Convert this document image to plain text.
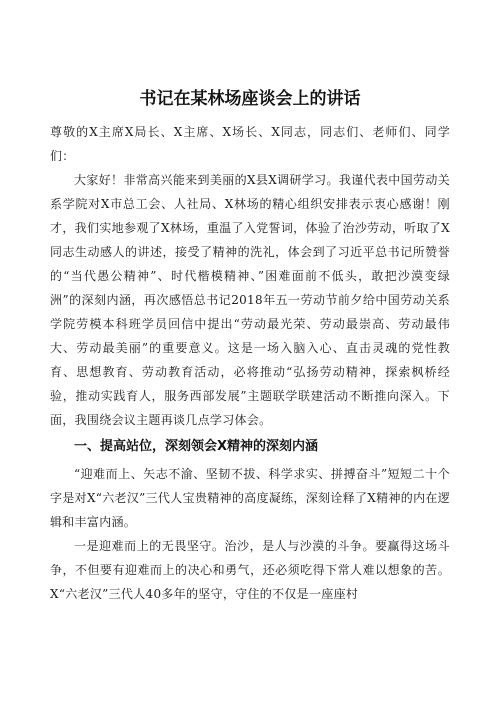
书记在某林场座谈会上的讲话

尊敬的X主席X局长、X主席、X场长、X同志，同志们、老师们、同学们：

大家好！非常高兴能来到美丽的X县X调研学习。我谨代表中国劳动关系学院对X市总工会、人社局、X林场的精心组织安排表示衷心感谢！刚才，我们实地参观了X林场，重温了入党誓词，体验了治沙劳动，听取了X同志生动感人的讲述，接受了精神的洗礼，体会到了习近平总书记所赞誉的“当代愚公精神”、时代楷模精神、”困难面前不低头，敢把沙漠变绿洲”的深刻内涵，再次感悟总书记2018年五一劳动节前夕给中国劳动关系学院劳模本科班学员回信中提出“劳动最光荣、劳动最崇高、劳动最伟大、劳动最美丽”的重要意义。这是一场入脑入心、直击灵魂的党性教育、思想教育、劳动教育活动，必将推动“弘扬劳动精神，探索枫桥经验，推动实践育人，服务西部发展”主题联学联建活动不断推向深入。下面，我围绕会议主题再谈几点学习体会。

一、提高站位，深刻领会X精神的深刻内涵

“迎难而上、矢志不渝、坚韧不拔、科学求实、拼搏奋斗”短短二十个字是对X“六老汉”三代人宝贵精神的高度凝练，深刻诠释了X精神的内在逻辑和丰富内涵。

一是迎难而上的无畏坚守。治沙，是人与沙漠的斗争。要赢得这场斗争，不但要有迎难而上的决心和勇气，还必须吃得下常人难以想象的苦。X“六老汉”三代人40多年的坚守，守住的不仅是一座座村
